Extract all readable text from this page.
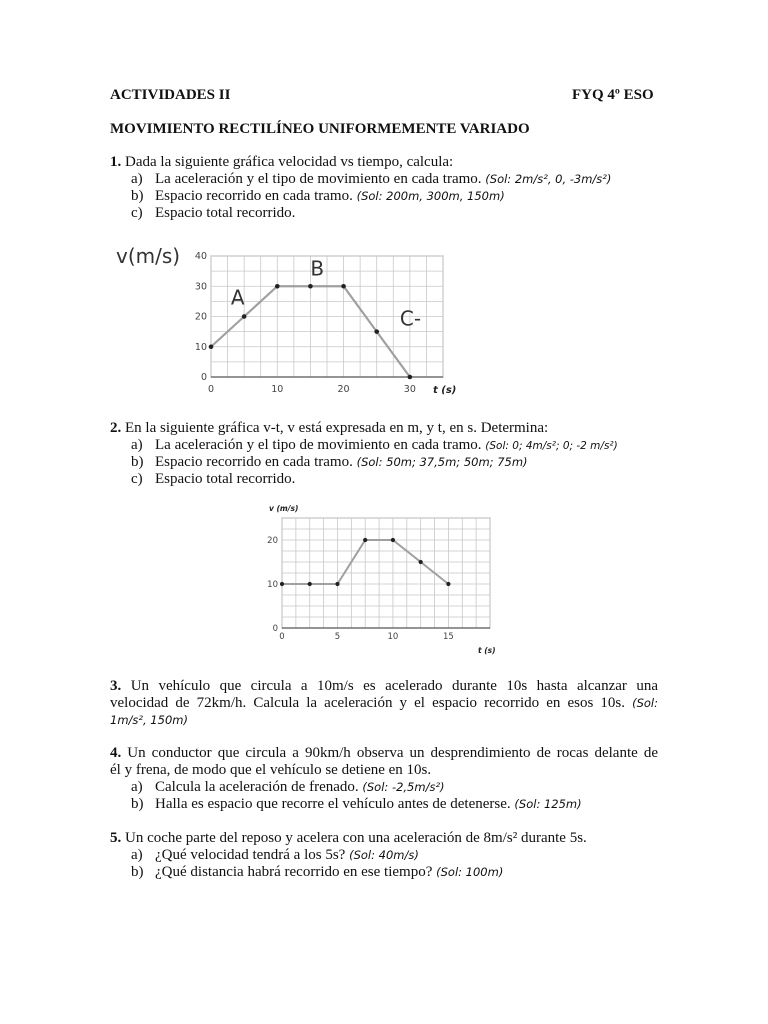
ACTIVIDADES II	FYQ 4º ESO
MOVIMIENTO RECTILÍNEO UNIFORMEMENTE VARIADO
1. Dada la siguiente gráfica velocidad vs tiempo, calcula:
a) La aceleración y el tipo de movimiento en cada tramo. (Sol: 2m/s², 0, -3m/s²)
b) Espacio recorrido en cada tramo. (Sol: 200m, 300m, 150m)
c) Espacio total recorrido.
v(m/s)
0
10
20
30
40
0	10	20	30 t (s)
A
B
C-
2. En la siguiente gráfica v-t, v está expresada en m, y t, en s. Determina:
a) La aceleración y el tipo de movimiento en cada tramo. (Sol: 0; 4m/s²; 0; -2 m/s²)
b) Espacio recorrido en cada tramo. (Sol: 50m; 37,5m; 50m; 75m)
c) Espacio total recorrido.
v (m/s)
0
10
20
0	5	10	15
t (s)
3. Un vehículo que circula a 10m/s es acelerado durante 10s hasta alcanzar una
velocidad de 72km/h. Calcula la aceleración y el espacio recorrido en esos 10s. (Sol:
1m/s², 150m)
4. Un conductor que circula a 90km/h observa un desprendimiento de rocas delante de
él y frena, de modo que el vehículo se detiene en 10s.
a) Calcula la aceleración de frenado. (Sol: -2,5m/s²)
b) Halla es espacio que recorre el vehículo antes de detenerse. (Sol: 125m)
5. Un coche parte del reposo y acelera con una aceleración de 8m/s² durante 5s.
a) ¿Qué velocidad tendrá a los 5s? (Sol: 40m/s)
b) ¿Qué distancia habrá recorrido en ese tiempo? (Sol: 100m)
